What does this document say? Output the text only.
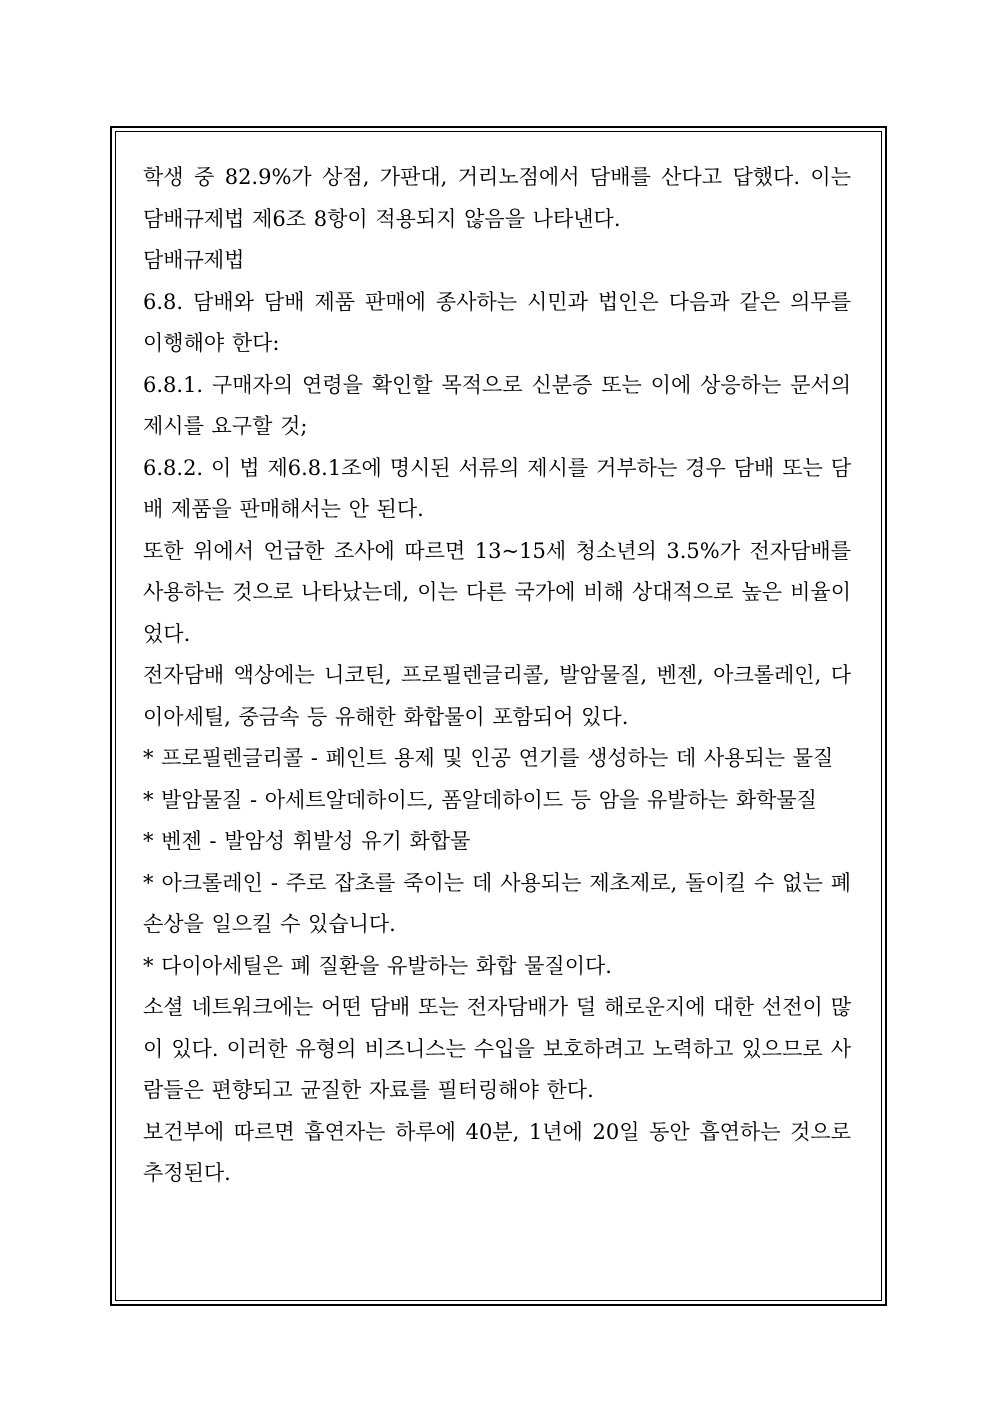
학생 중 82.9%가 상점, 가판대, 거리노점에서 담배를 산다고 답했다. 이는 담배규제법 제6조 8항이 적용되지 않음을 나타낸다.

담배규제법

6.8. 담배와 담배 제품 판매에 종사하는 시민과 법인은 다음과 같은 의무를 이행해야 한다:

6.8.1. 구매자의 연령을 확인할 목적으로 신분증 또는 이에 상응하는 문서의 제시를 요구할 것;

6.8.2. 이 법 제6.8.1조에 명시된 서류의 제시를 거부하는 경우 담배 또는 담배 제품을 판매해서는 안 된다.

또한 위에서 언급한 조사에 따르면 13~15세 청소년의 3.5%가 전자담배를 사용하는 것으로 나타났는데, 이는 다른 국가에 비해 상대적으로 높은 비율이었다.

전자담배 액상에는 니코틴, 프로필렌글리콜, 발암물질, 벤젠, 아크롤레인, 다이아세틸, 중금속 등 유해한 화합물이 포함되어 있다.

* 프로필렌글리콜 - 페인트 용제 및 인공 연기를 생성하는 데 사용되는 물질

* 발암물질 - 아세트알데하이드, 폼알데하이드 등 암을 유발하는 화학물질

* 벤젠 - 발암성 휘발성 유기 화합물

* 아크롤레인 - 주로 잡초를 죽이는 데 사용되는 제초제로, 돌이킬 수 없는 폐 손상을 일으킬 수 있습니다.

* 다이아세틸은 폐 질환을 유발하는 화합 물질이다.

소셜 네트워크에는 어떤 담배 또는 전자담배가 덜 해로운지에 대한 선전이 많이 있다. 이러한 유형의 비즈니스는 수입을 보호하려고 노력하고 있으므로 사람들은 편향되고 균질한 자료를 필터링해야 한다.

보건부에 따르면 흡연자는 하루에 40분, 1년에 20일 동안 흡연하는 것으로 추정된다.
